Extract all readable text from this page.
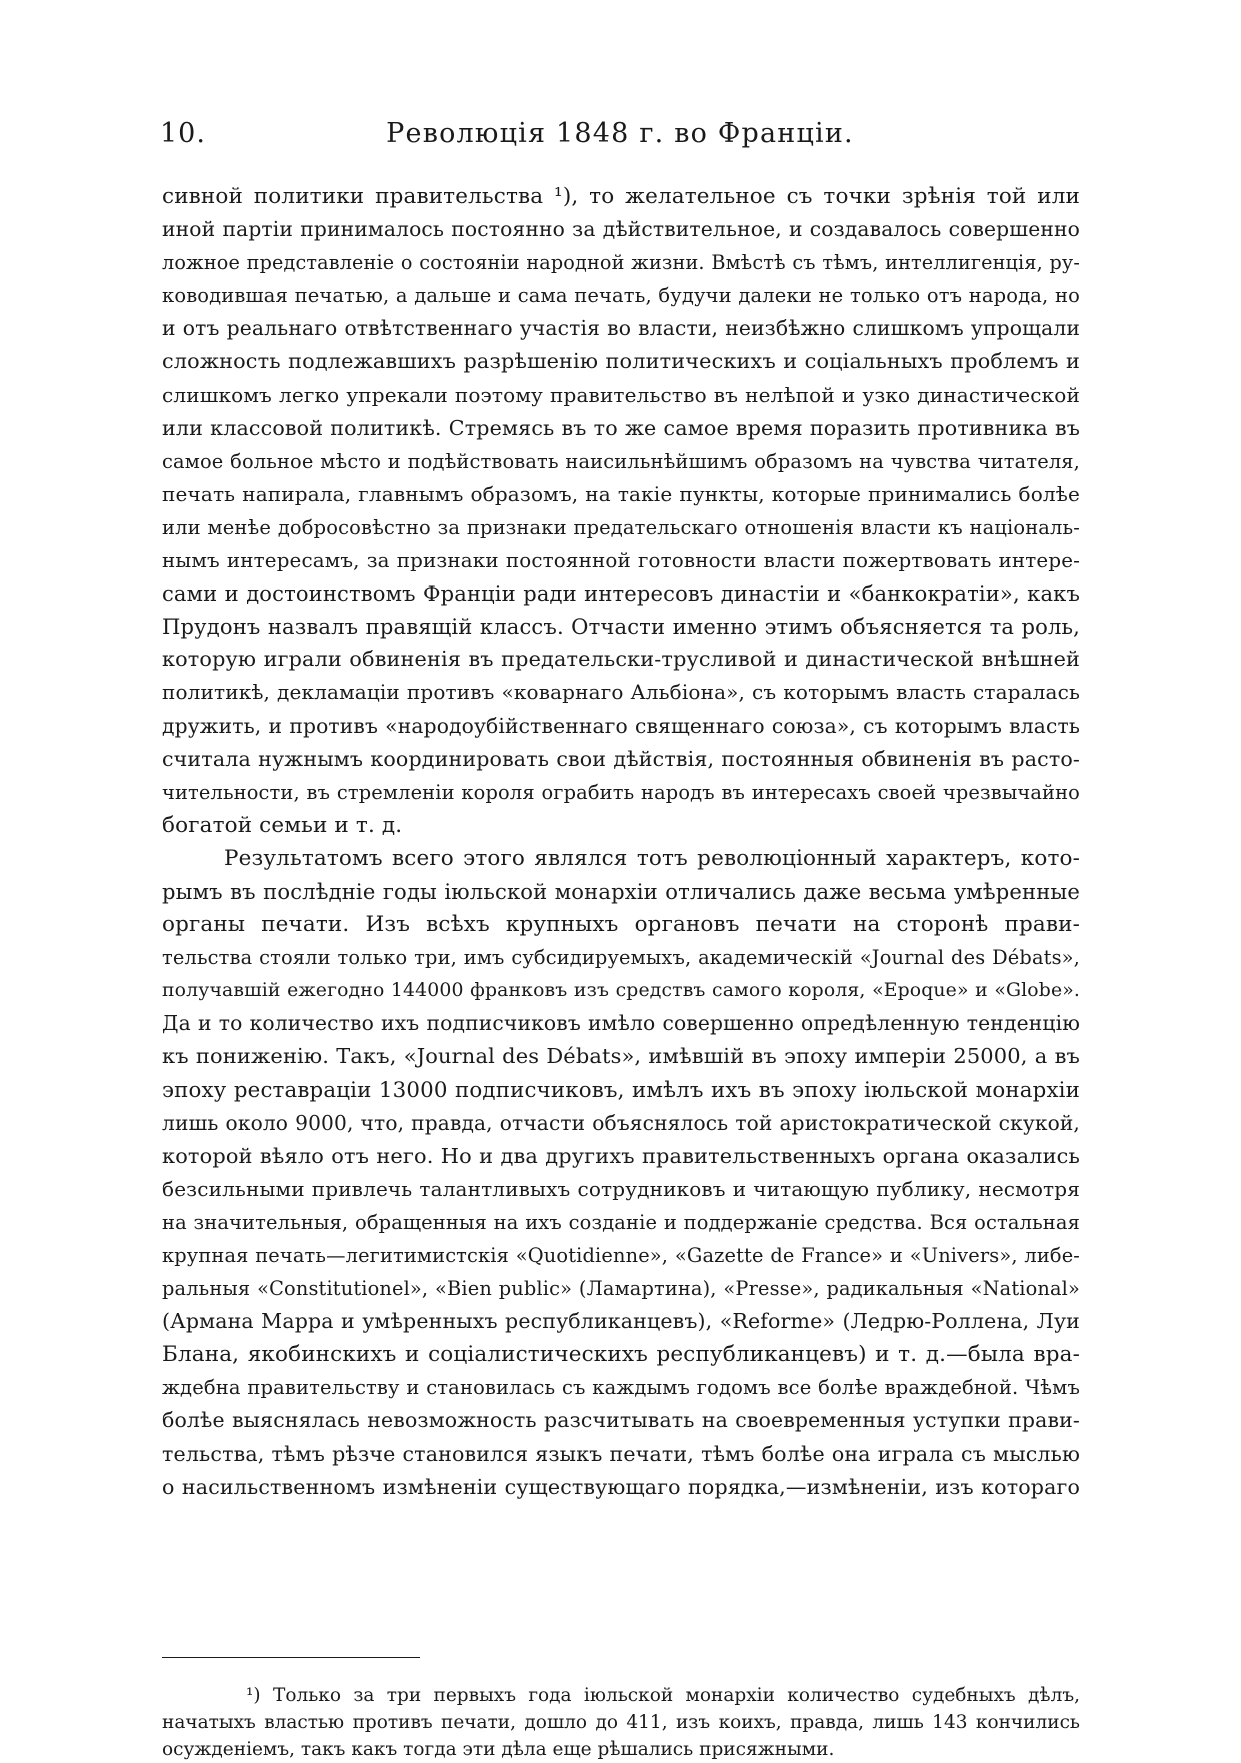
10.	Революція 1848 г. во Франціи.
сивной политики правительства ¹), то желательное съ точки зрѣнія той или
иной партіи принималось постоянно за дѣйствительное, и создавалось совершенно
ложное представленіе о состояніи народной жизни. Вмѣстѣ съ тѣмъ, интеллигенція, ру-
ководившая печатью, а дальше и сама печать, будучи далеки не только отъ народа, но
и отъ реальнаго отвѣтственнаго участія во власти, неизбѣжно слишкомъ упрощали
сложность подлежавшихъ разрѣшенію политическихъ и соціальныхъ проблемъ и
слишкомъ легко упрекали поэтому правительство въ нелѣпой и узко династической
или классовой политикѣ. Стремясь въ то же самое время поразить противника въ
самое больное мѣсто и подѣйствовать наисильнѣйшимъ образомъ на чувства читателя,
печать напирала, главнымъ образомъ, на такіе пункты, которые принимались болѣе
или менѣе добросовѣстно за признаки предательскаго отношенія власти къ національ-
нымъ интересамъ, за признаки постоянной готовности власти пожертвовать интере-
сами и достоинствомъ Франціи ради интересовъ династіи и «банкократіи», какъ
Прудонъ назвалъ правящій классъ. Отчасти именно этимъ объясняется та роль,
которую играли обвиненія въ предательски-трусливой и династической внѣшней
политикѣ, декламаціи противъ «коварнаго Альбіона», съ которымъ власть старалась
дружить, и противъ «народоубійственнаго священнаго союза», съ которымъ власть
считала нужнымъ координировать свои дѣйствія, постоянныя обвиненія въ расто-
чительности, въ стремленіи короля ограбить народъ въ интересахъ своей чрезвычайно
богатой семьи и т. д.
Результатомъ всего этого являлся тотъ революціонный характеръ, кото-
рымъ въ послѣдніе годы іюльской монархіи отличались даже весьма умѣренные
органы печати. Изъ всѣхъ крупныхъ органовъ печати на сторонѣ прави-
тельства стояли только три, имъ субсидируемыхъ, академическій «Journal des Débats»,
получавшій ежегодно 144000 франковъ изъ средствъ самого короля, «Epoque» и «Globe».
Да и то количество ихъ подписчиковъ имѣло совершенно опредѣленную тенденцію
къ пониженію. Такъ, «Journal des Débats», имѣвшій въ эпоху имперіи 25000, а въ
эпоху реставраціи 13000 подписчиковъ, имѣлъ ихъ въ эпоху іюльской монархіи
лишь около 9000, что, правда, отчасти объяснялось той аристократической скукой,
которой вѣяло отъ него. Но и два другихъ правительственныхъ органа оказались
безсильными привлечь талантливыхъ сотрудниковъ и читающую публику, несмотря
на значительныя, обращенныя на ихъ созданіе и поддержаніе средства. Вся остальная
крупная печать—легитимистскія «Quotidienne», «Gazette de France» и «Univers», либе-
ральныя «Constitutionel», «Bien public» (Ламартина), «Presse», радикальныя «National»
(Армана Марра и умѣренныхъ республиканцевъ), «Reforme» (Ледрю-Роллена, Луи
Блана, якобинскихъ и соціалистическихъ республиканцевъ) и т. д.—была вра-
ждебна правительству и становилась съ каждымъ годомъ все болѣе враждебной. Чѣмъ
болѣе выяснялась невозможность разсчитывать на своевременныя уступки прави-
тельства, тѣмъ рѣзче становился языкъ печати, тѣмъ болѣе она играла съ мыслью
о насильственномъ измѣненіи существующаго порядка,—измѣненіи, изъ котораго
¹) Только за три первыхъ года іюльской монархіи количество судебныхъ дѣлъ,
начатыхъ властью противъ печати, дошло до 411, изъ коихъ, правда, лишь 143 кончились
осужденіемъ, такъ какъ тогда эти дѣла еще рѣшались присяжными.
